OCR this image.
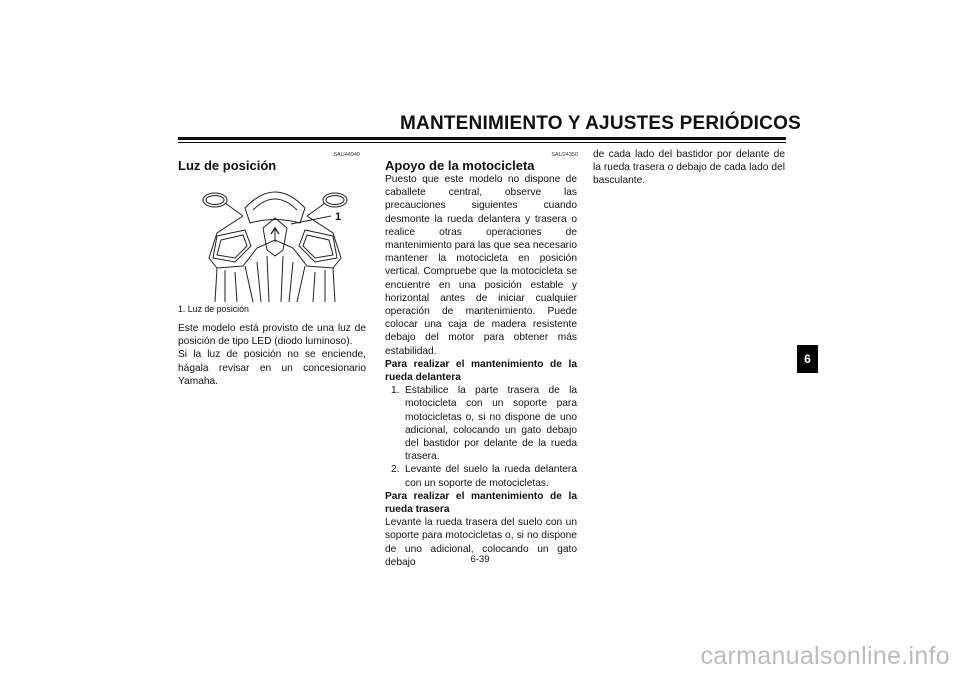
MANTENIMIENTO Y AJUSTES PERIÓDICOS
SAU44940
Luz de posición
1
1. Luz de posición

Este modelo está provisto de una luz de posición de tipo LED (diodo luminoso).

Si la luz de posición no se enciende, hágala revisar en un concesionario Yamaha.

SAU24350
Apoyo de la motocicleta

Puesto que este modelo no dispone de caballete central, observe las precauciones siguientes cuando desmonte la rueda delantera y trasera o realice otras operaciones de mantenimiento para las que sea necesario mantener la motocicleta en posición vertical. Compruebe que la motocicleta se encuentre en una posición estable y horizontal antes de iniciar cualquier operación de mantenimiento. Puede colocar una caja de madera resistente debajo del motor para obtener más estabilidad.

Para realizar el mantenimiento de la rueda delantera

1. Estabilice la parte trasera de la motocicleta con un soporte para motocicletas o, si no dispone de uno adicional, colocando un gato debajo del bastidor por delante de la rueda trasera.
2. Levante del suelo la rueda delantera con un soporte de motocicletas.

Para realizar el mantenimiento de la rueda trasera

Levante la rueda trasera del suelo con un soporte para motocicletas o, si no dispone de uno adicional, colocando un gato debajo

de cada lado del bastidor por delante de la rueda trasera o debajo de cada lado del basculante.

6
6-39
carmanualsonline.info
